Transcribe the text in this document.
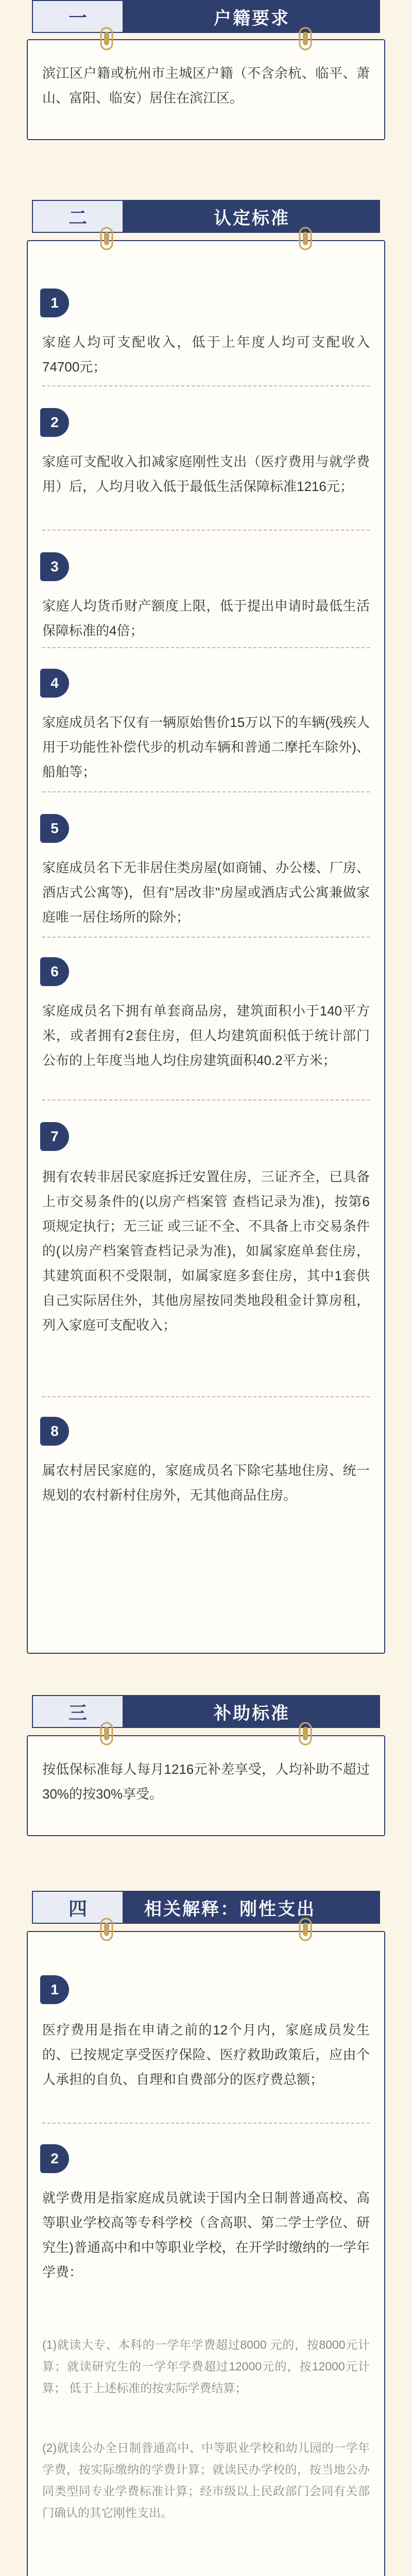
一	户籍要求
滨江区户籍或杭州市主城区户籍（不含余杭、临平、萧山、富阳、临安）居住在滨江区。
二	认定标准
1
家庭人均可支配收入，低于上年度人均可支配收入74700元；
2
家庭可支配收入扣减家庭刚性支出（医疗费用与就学费用）后，人均月收入低于最低生活保障标准1216元；
3
家庭人均货币财产额度上限，低于提出申请时最低生活保障标准的4倍；
4
家庭成员名下仅有一辆原始售价15万以下的车辆(残疾人用于功能性补偿代步的机动车辆和普通二摩托车除外)、船舶等；
5
家庭成员名下无非居住类房屋(如商铺、办公楼、厂房、酒店式公寓等)，但有"居改非"房屋或酒店式公寓兼做家庭唯一居住场所的除外；
6
家庭成员名下拥有单套商品房，建筑面积小于140平方米，或者拥有2套住房，但人均建筑面积低于统计部门公布的上年度当地人均住房建筑面积40.2平方米；
7
拥有农转非居民家庭拆迁安置住房，三证齐全，已具备上市交易条件的(以房产档案管 查档记录为准)，按第6项规定执行；无三证 或三证不全、不具备上市交易条件的(以房产档案管查档记录为准)，如属家庭单套住房，其建筑面积不受限制，如属家庭多套住房，其中1套供自己实际居住外，其他房屋按同类地段租金计算房租，列入家庭可支配收入；
8
属农村居民家庭的，家庭成员名下除宅基地住房、统一规划的农村新村住房外，无其他商品住房。
三	补助标准
按低保标准每人每月1216元补差享受，人均补助不超过30%的按30%享受。
四	相关解释：刚性支出
1
医疗费用是指在申请之前的12个月内，家庭成员发生的、已按规定享受医疗保险、医疗救助政策后，应由个人承担的自负、自理和自费部分的医疗费总额；
2
就学费用是指家庭成员就读于国内全日制普通高校、高等职业学校高等专科学校（含高职、第二学士学位、研究生)普通高中和中等职业学校，在开学时缴纳的一学年学费：
(1)就读大专、本科的一学年学费超过8000 元的，按8000元计算；就读研究生的一学年学费超过12000元的，按12000元计算； 低于上述标准的按实际学费结算；
(2)就读公办全日制普通高中、中等职业学校和幼儿园的一学年学费，按实际缴纳的学费计算；就读民办学校的，按当地公办同类型同专业学费标准计算；经市级以上民政部门会同有关部门确认的其它刚性支出。
